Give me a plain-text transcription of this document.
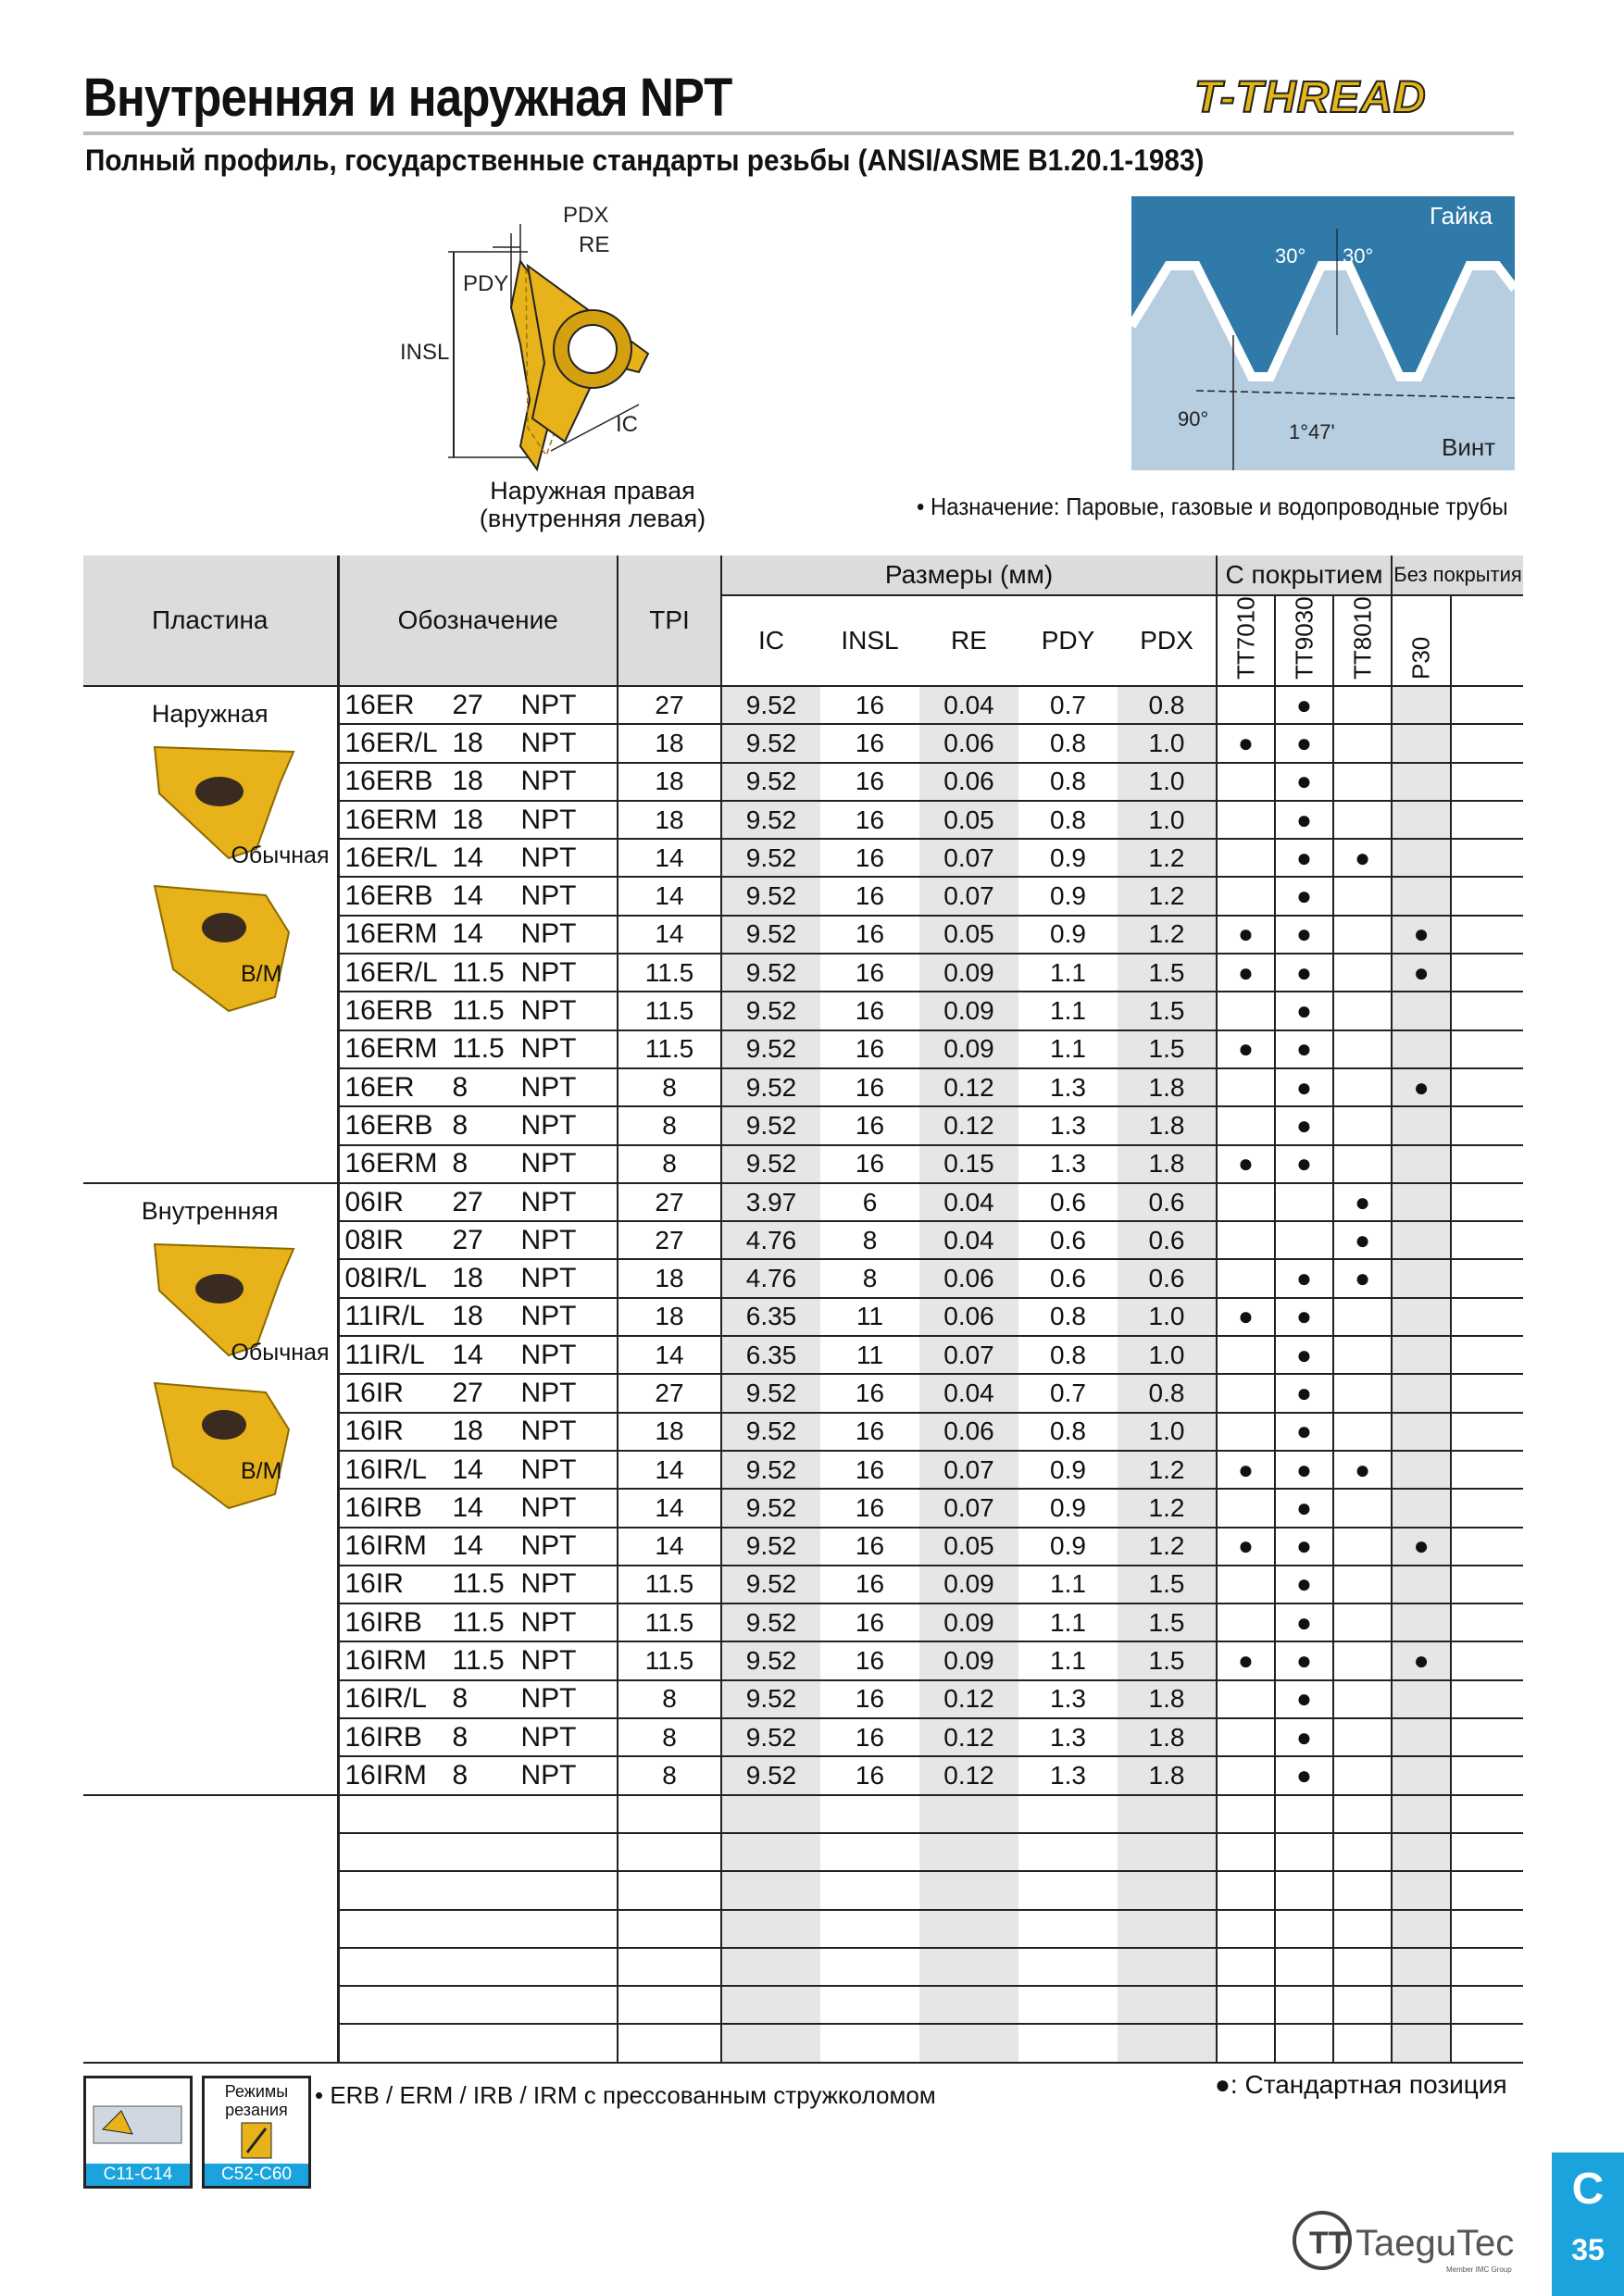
Внутренняя и наружная NPT	T-THREAD
Полный профиль, государственные стандарты резьбы (ANSI/ASME B1.20.1-1983)
PDX
RE
PDY
INSL
IC
Наружная правая
(внутренняя левая)
Гайка
30° 30°
90°
1°47'
Винт
• Назначение: Паровые, газовые и водопроводные трубы
Пластина	Обозначение	TPI	Размеры (мм)					С покрытием			Без покрытия	
			IC	INSL	RE	PDY	PDX	TT7010	TT9030	TT8010	P30	

Наружная
Обычная
B/M	16ER 27 NPT	27	9.52	16	0.04	0.7	0.8		●			
	16ER/L 18 NPT	18	9.52	16	0.06	0.8	1.0	●	●			
	16ERB 18 NPT	18	9.52	16	0.06	0.8	1.0		●			
	16ERM 18 NPT	18	9.52	16	0.05	0.8	1.0		●			
	16ER/L 14 NPT	14	9.52	16	0.07	0.9	1.2		●	●		
	16ERB 14 NPT	14	9.52	16	0.07	0.9	1.2		●			
	16ERM 14 NPT	14	9.52	16	0.05	0.9	1.2	●	●		●	
	16ER/L 11.5 NPT	11.5	9.52	16	0.09	1.1	1.5	●	●		●	
	16ERB 11.5 NPT	11.5	9.52	16	0.09	1.1	1.5		●			
	16ERM 11.5 NPT	11.5	9.52	16	0.09	1.1	1.5	●	●			
	16ER 8 NPT	8	9.52	16	0.12	1.3	1.8		●		●	
	16ERB 8 NPT	8	9.52	16	0.12	1.3	1.8		●			
	16ERM 8 NPT	8	9.52	16	0.15	1.3	1.8	●	●			

Внутренняя
Обычная
B/M	06IR 27 NPT	27	3.97	6	0.04	0.6	0.6			●		
	08IR 27 NPT	27	4.76	8	0.04	0.6	0.6			●		
	08IR/L 18 NPT	18	4.76	8	0.06	0.6	0.6		●	●		
	11IR/L 18 NPT	18	6.35	11	0.06	0.8	1.0	●	●			
	11IR/L 14 NPT	14	6.35	11	0.07	0.8	1.0		●			
	16IR 27 NPT	27	9.52	16	0.04	0.7	0.8		●			
	16IR 18 NPT	18	9.52	16	0.06	0.8	1.0		●			
	16IR/L 14 NPT	14	9.52	16	0.07	0.9	1.2	●	●	●		
	16IRB 14 NPT	14	9.52	16	0.07	0.9	1.2		●			
	16IRM 14 NPT	14	9.52	16	0.05	0.9	1.2	●	●		●	
	16IR 11.5 NPT	11.5	9.52	16	0.09	1.1	1.5		●			
	16IRB 11.5 NPT	11.5	9.52	16	0.09	1.1	1.5		●			
	16IRM 11.5 NPT	11.5	9.52	16	0.09	1.1	1.5	●	●		●	
	16IR/L 8 NPT	8	9.52	16	0.12	1.3	1.8		●			
	16IRB 8 NPT	8	9.52	16	0.12	1.3	1.8		●			
	16IRM 8 NPT	8	9.52	16	0.12	1.3	1.8		●			

C11-C14
Режимы
резания
C52-C60
• ERB / ERM / IRB / IRM с прессованным стружколомом	●: Стандартная позиция
TT TaeguTec
Member IMC Group
C
35
